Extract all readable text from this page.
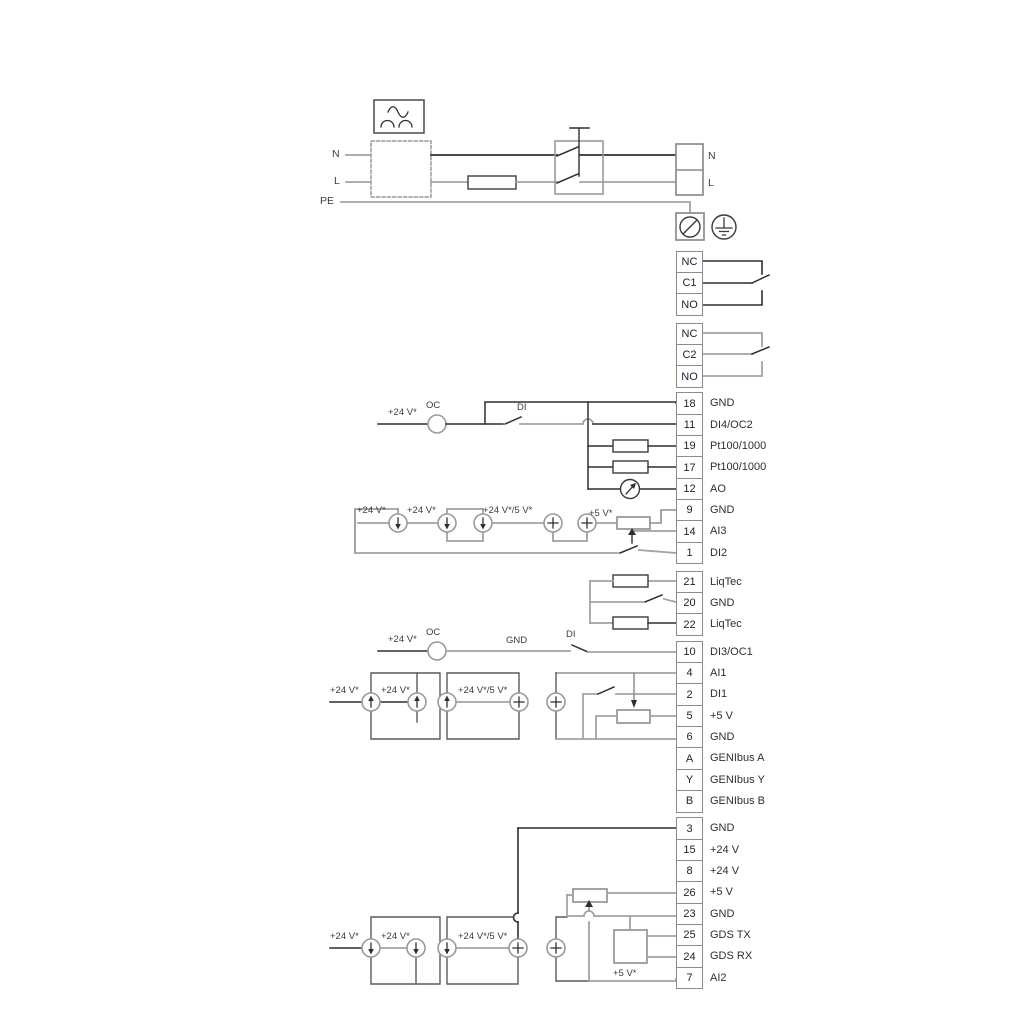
N
L
PE
N
L
+24 V*
OC	DI
+24 V* +24 V*	+24 V*/5 V*	+5 V*
+24 V*
OC
GND
DI
+24 V* +24 V*	+24 V*/5 V*
+24 V* +24 V*	+24 V*/5 V*
+5 V*
NC
C1
NO
NC
C2
NO
18	GND
11	DI4/OC2
19	Pt100/1000
17	Pt100/1000
12	AO
9	GND
14	AI3
1	DI2
21	LiqTec
20	GND
22	LiqTec
10	DI3/OC1
4	AI1
2	DI1
5	+5 V
6	GND
A	GENIbus A
Y	GENIbus Y
B	GENIbus B
3	GND
15	+24 V
8	+24 V
26	+5 V
23	GND
25	GDS TX
24	GDS RX
7	AI2
